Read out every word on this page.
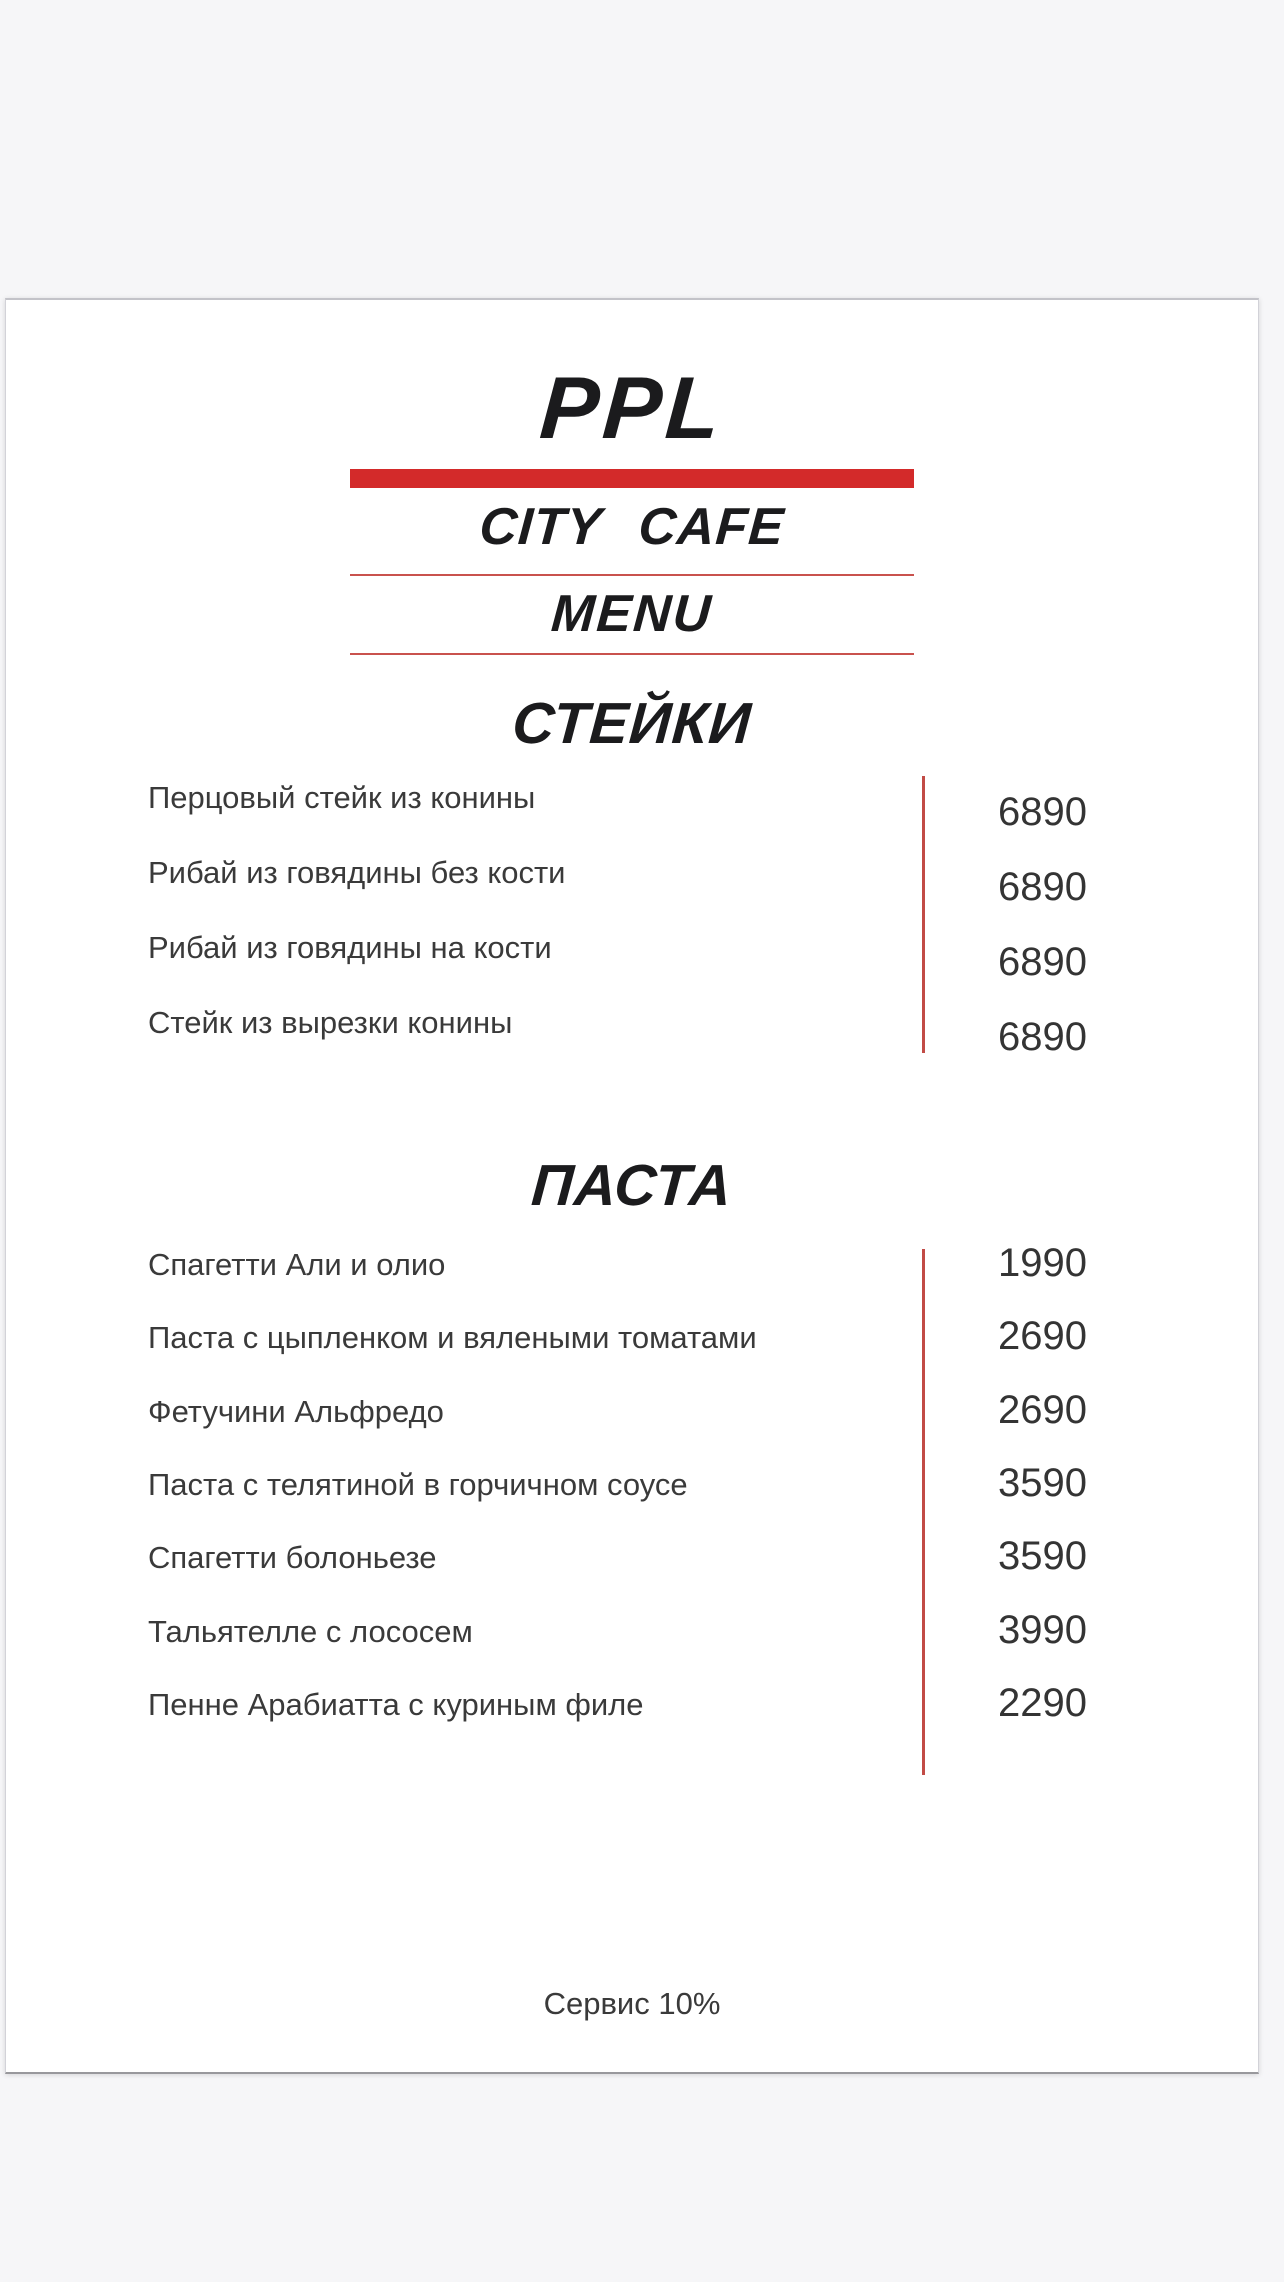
PPL
CITY CAFE
MENU
СТЕЙКИ
Перцовый стейк из конины	6890
Рибай из говядины без кости	6890
Рибай из говядины на кости	6890
Стейк из вырезки конины	6890
ПАСТА
Спагетти Али и олио	1990
Паста с цыпленком и вялеными томатами	2690
Фетучини Альфредо	2690
Паста с телятиной в горчичном соусе	3590
Спагетти болоньезе	3590
Тальятелле с лососем	3990
Пенне Арабиатта с куриным филе	2290
Сервис 10%
